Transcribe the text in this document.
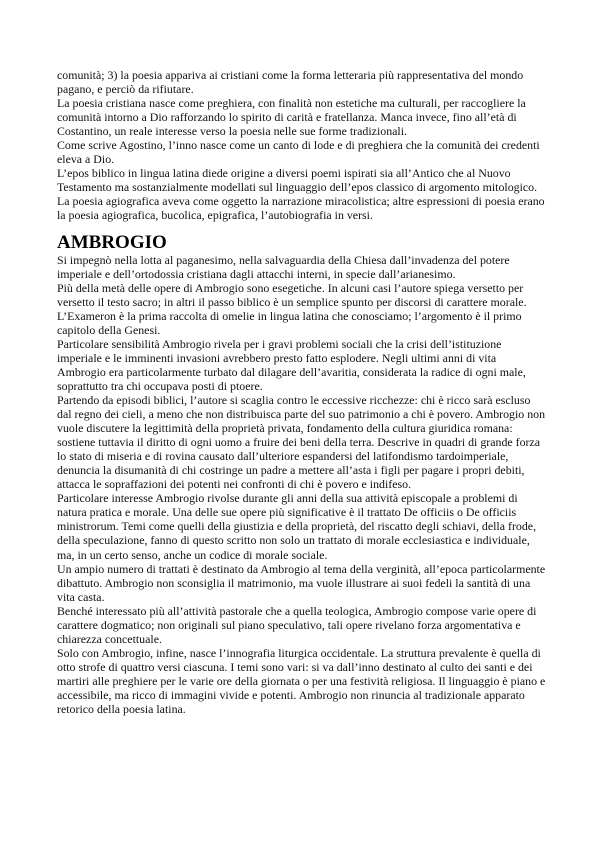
comunità; 3) la poesia appariva ai cristiani come la forma letteraria più rappresentativa del mondo pagano, e perciò da rifiutare.

La poesia cristiana nasce come preghiera, con finalità non estetiche ma culturali, per raccogliere la comunità intorno a Dio rafforzando lo spirito di carità e fratellanza. Manca invece, fino all’età di Costantino, un reale interesse verso la poesia nelle sue forme tradizionali.

Come scrive Agostino, l’inno nasce come un canto di lode e di preghiera che la comunità dei credenti eleva a Dio.

L’epos biblico in lingua latina diede origine a diversi poemi ispirati sia all’Antico che al Nuovo Testamento ma sostanzialmente modellati sul linguaggio dell’epos classico di argomento mitologico.

La poesia agiografica aveva come oggetto la narrazione miracolistica; altre espressioni di poesia erano la poesia agiografica, bucolica, epigrafica, l’autobiografia in versi.

AMBROGIO

Si impegnò nella lotta al paganesimo, nella salvaguardia della Chiesa dall’invadenza del potere imperiale e dell’ortodossia cristiana dagli attacchi interni, in specie dall’arianesimo.

Più della metà delle opere di Ambrogio sono esegetiche. In alcuni casi l’autore spiega versetto per versetto il testo sacro; in altri il passo biblico è un semplice spunto per discorsi di carattere morale.

L’Exameron è la prima raccolta di omelie in lingua latina che conosciamo; l’argomento è il primo capitolo della Genesi.

Particolare sensibilità Ambrogio rivela per i gravi problemi sociali che la crisi dell’istituzione imperiale e le imminenti invasioni avrebbero presto fatto esplodere. Negli ultimi anni di vita Ambrogio era particolarmente turbato dal dilagare dell’avaritia, considerata la radice di ogni male, soprattutto tra chi occupava posti di ptoere.

Partendo da episodi biblici, l’autore si scaglia contro le eccessive ricchezze: chi è ricco sarà escluso dal regno dei cieli, a meno che non distribuisca parte del suo patrimonio a chi è povero. Ambrogio non vuole discutere la legittimità della proprietà privata, fondamento della cultura giuridica romana: sostiene tuttavia il diritto di ogni uomo a fruire dei beni della terra. Descrive in quadri di grande forza lo stato di miseria e di rovina causato dall’ulteriore espandersi del latifondismo tardoimperiale, denuncia la disumanità di chi costringe un padre a mettere all’asta i figli per pagare i propri debiti, attacca le sopraffazioni dei potenti nei confronti di chi è povero e indifeso.

Particolare interesse Ambrogio rivolse durante gli anni della sua attività episcopale a problemi di natura pratica e morale. Una delle sue opere più significative è il trattato De officiis o De officiis ministrorum. Temi come quelli della giustizia e della proprietà, del riscatto degli schiavi, della frode, della speculazione, fanno di questo scritto non solo un trattato di morale ecclesiastica e individuale, ma, in un certo senso, anche un codice di morale sociale.

Un ampio numero di trattati è destinato da Ambrogio al tema della verginità, all’epoca particolarmente dibattuto. Ambrogio non sconsiglia il matrimonio, ma vuole illustrare ai suoi fedeli la santità di una vita casta.

Benché interessato più all’attività pastorale che a quella teologica, Ambrogio compose varie opere di carattere dogmatico; non originali sul piano speculativo, tali opere rivelano forza argomentativa e chiarezza concettuale.

Solo con Ambrogio, infine, nasce l’innografia liturgica occidentale. La struttura prevalente è quella di otto strofe di quattro versi ciascuna. I temi sono vari: si va dall’inno destinato al culto dei santi e dei martiri alle preghiere per le varie ore della giornata o per una festività religiosa. Il linguaggio è piano e accessibile, ma ricco di immagini vivide e potenti. Ambrogio non rinuncia al tradizionale apparato retorico della poesia latina.
